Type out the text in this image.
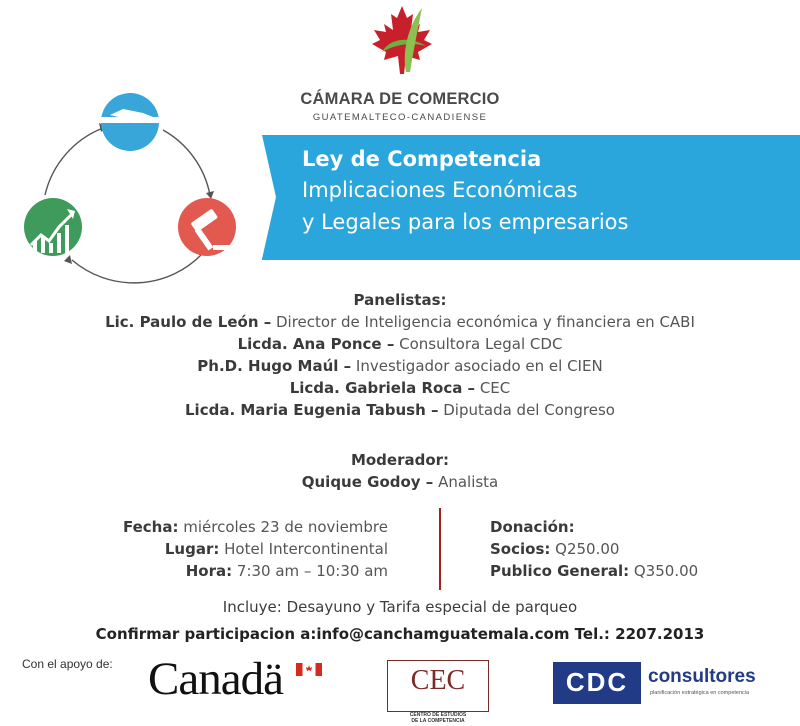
CÁMARA DE COMERCIO
GUATEMALTECO-CANADIENSE
Ley de Competencia
Implicaciones Económicas
y Legales para los empresarios
Panelistas:
Lic. Paulo de León – Director de Inteligencia económica y financiera en CABI
Licda. Ana Ponce – Consultora Legal CDC
Ph.D. Hugo Maúl – Investigador asociado en el CIEN
Licda. Gabriela Roca – CEC
Licda. Maria Eugenia Tabush – Diputada del Congreso
Moderador:
Quique Godoy – Analista
Fecha: miércoles 23 de noviembre
Lugar: Hotel Intercontinental
Hora: 7:30 am – 10:30 am
Donación:
Socios: Q250.00
Publico General: Q350.00
Incluye: Desayuno y Tarifa especial de parqueo
Confirmar participacion a:info@canchamguatemala.com Tel.: 2207.2013
Con el apoyo de: Canadä	CEC
CENTRO DE ESTUDIOS
DE LA COMPETENCIA
CDC	consultores
planificación estratégica en competencia
